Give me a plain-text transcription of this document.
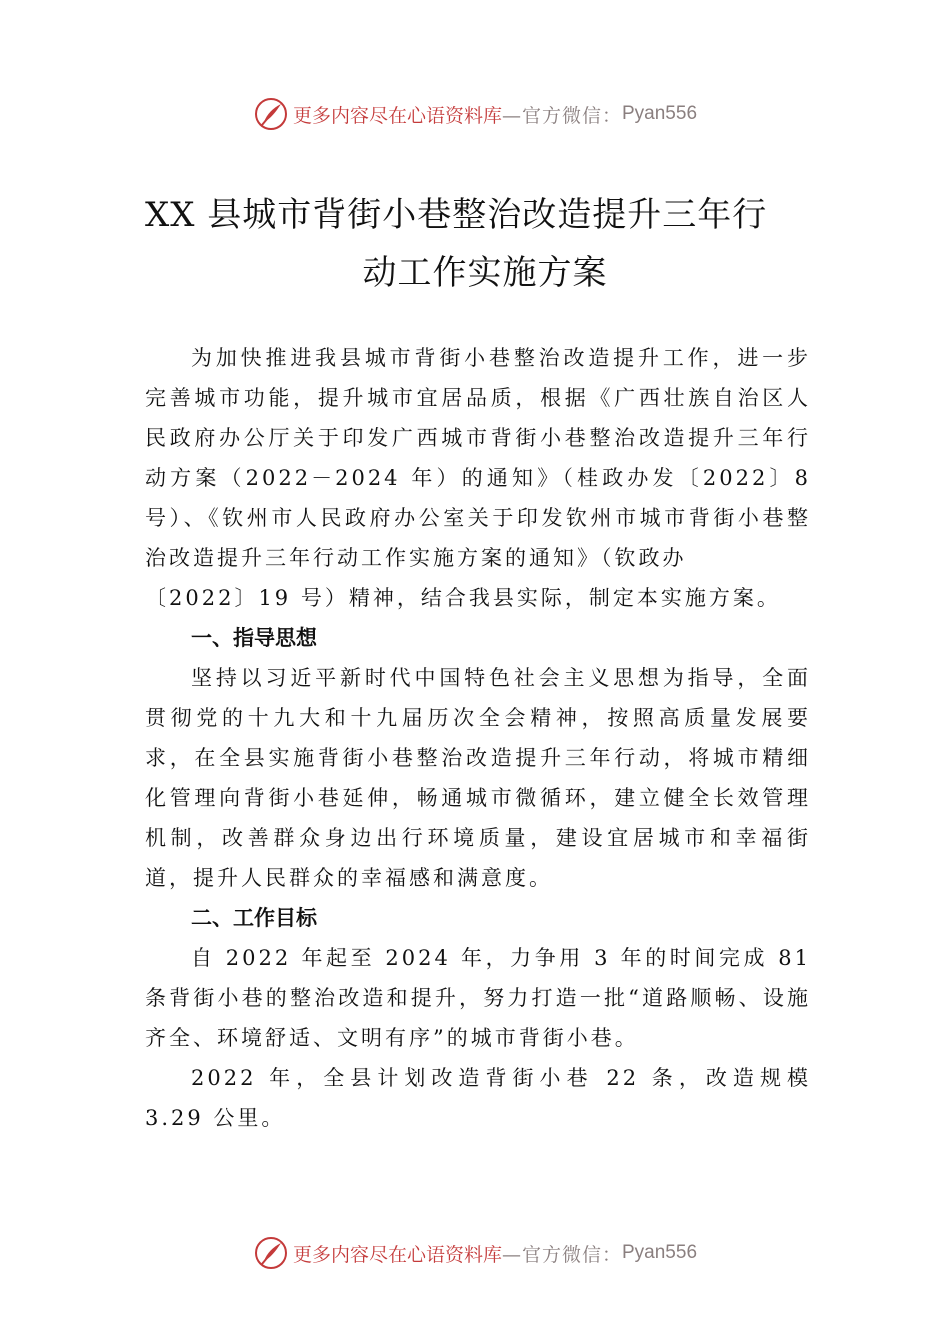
更多内容尽在心语资料库 —官方微信： Pyan556
XX 县城市背街小巷整治改造提升三年行
动工作实施方案

为加快推进我县城市背街小巷整治改造提升工作，进一步完善城市功能，提升城市宜居品质，根据《广西壮族自治区人民政府办公厅关于印发广西城市背街小巷整治改造提升三年行动方案（2022－2024 年）的通知》（桂政办发〔2022〕8 号）、《钦州市人民政府办公室关于印发钦州市城市背街小巷整治改造提升三年行动工作实施方案的通知》（钦政办

〔2022〕19 号）精神，结合我县实际，制定本实施方案。

一、指导思想

坚持以习近平新时代中国特色社会主义思想为指导，全面贯彻党的十九大和十九届历次全会精神，按照高质量发展要求，在全县实施背街小巷整治改造提升三年行动，将城市精细化管理向背街小巷延伸，畅通城市微循环，建立健全长效管理机制，改善群众身边出行环境质量，建设宜居城市和幸福街道，提升人民群众的幸福感和满意度。

二、工作目标

自 2022 年起至 2024 年，力争用 3 年的时间完成 81 条背街小巷的整治改造和提升，努力打造一批“道路顺畅、设施齐全、环境舒适、文明有序”的城市背街小巷。

2022 年，全县计划改造背街小巷 22 条，改造规模 3.29 公里。

更多内容尽在心语资料库 —官方微信： Pyan556
